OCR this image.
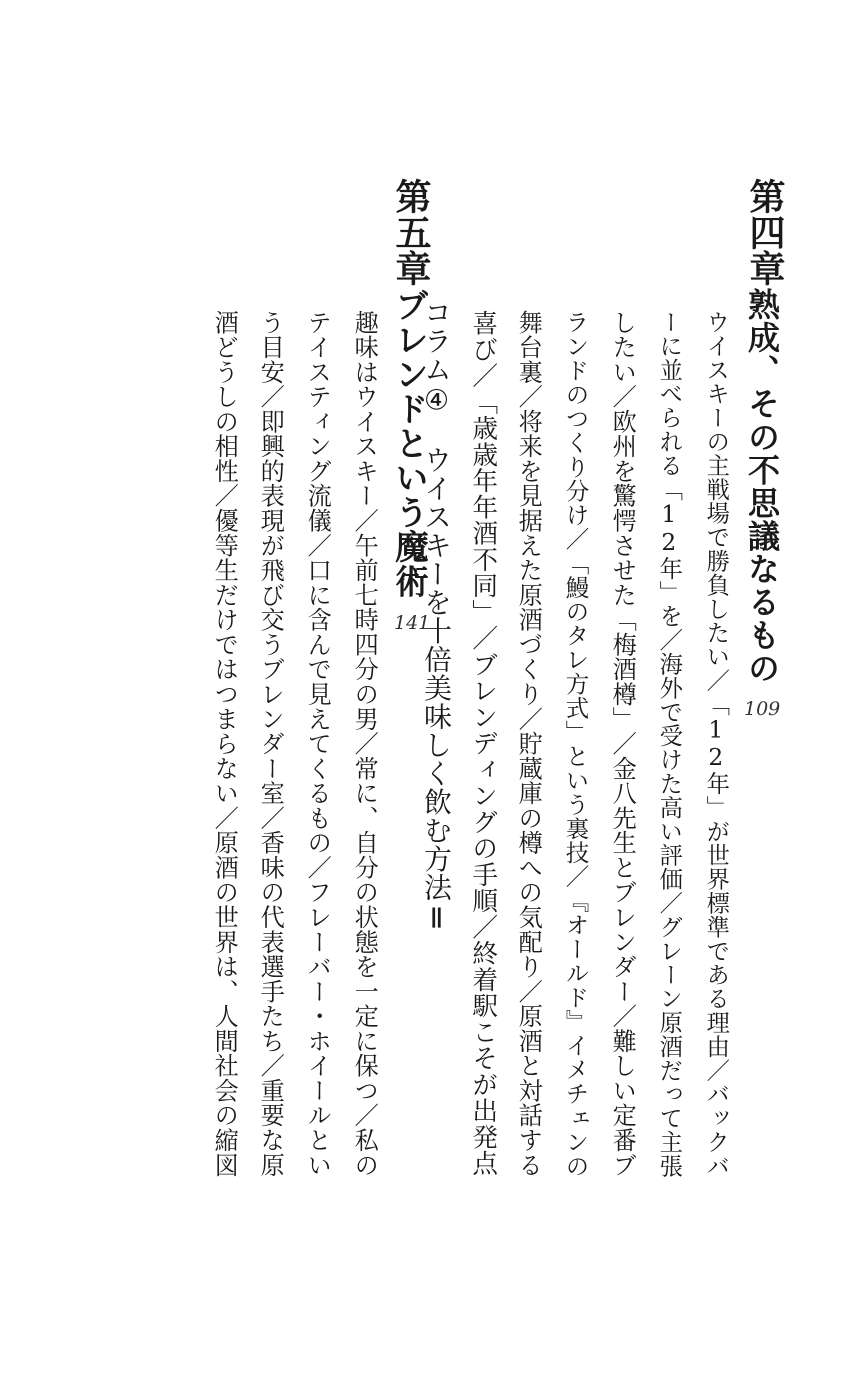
第四章
熟成、その不思議なるもの
109
ウイスキーの主戦場で勝負したい／「12年」が世界標準である理由／バックバ
ーに並べられる「12年」を／海外で受けた高い評価／グレーン原酒だって主張
したい／欧州を驚愕させた「梅酒樽」／金八先生とブレンダー／難しい定番ブ
ランドのつくり分け／「鰻のタレ方式」という裏技／『オールド』イメチェンの
舞台裏／将来を見据えた原酒づくり／貯蔵庫の樽への気配り／原酒と対話する
喜び／「歳歳年年酒不同」／ブレンディングの手順／終着駅こそが出発点
コラム④　ウイスキーを十倍美味しく飲む方法Ⅱ
第五章
ブレンドという魔術
141
趣味はウイスキー／午前七時四分の男／常に、自分の状態を一定に保つ／私の
テイスティング流儀／口に含んで見えてくるもの／フレーバー・ホイールとい
う目安／即興的表現が飛び交うブレンダー室／香味の代表選手たち／重要な原
酒どうしの相性／優等生だけではつまらない／原酒の世界は、人間社会の縮図
